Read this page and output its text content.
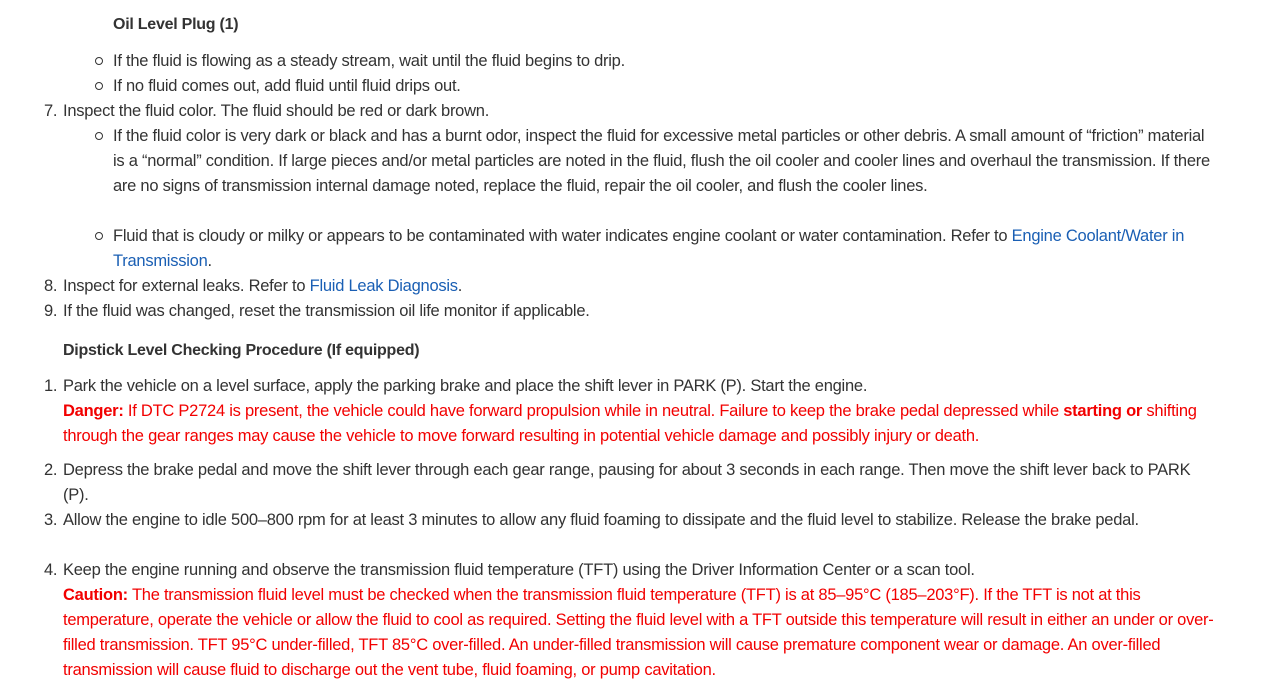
Oil Level Plug (1)
If the fluid is flowing as a steady stream, wait until the fluid begins to drip.
If no fluid comes out, add fluid until fluid drips out.
7. Inspect the fluid color. The fluid should be red or dark brown.
If the fluid color is very dark or black and has a burnt odor, inspect the fluid for excessive metal particles or other debris. A small amount of “friction” material is a “normal” condition. If large pieces and/or metal particles are noted in the fluid, flush the oil cooler and cooler lines and overhaul the transmission. If there are no signs of transmission internal damage noted, replace the fluid, repair the oil cooler, and flush the cooler lines.
Fluid that is cloudy or milky or appears to be contaminated with water indicates engine coolant or water contamination. Refer to Engine Coolant/Water in Transmission.
8. Inspect for external leaks. Refer to Fluid Leak Diagnosis.
9. If the fluid was changed, reset the transmission oil life monitor if applicable.
Dipstick Level Checking Procedure (If equipped)
1. Park the vehicle on a level surface, apply the parking brake and place the shift lever in PARK (P). Start the engine.
Danger: If DTC P2724 is present, the vehicle could have forward propulsion while in neutral. Failure to keep the brake pedal depressed while starting or shifting through the gear ranges may cause the vehicle to move forward resulting in potential vehicle damage and possibly injury or death.
2. Depress the brake pedal and move the shift lever through each gear range, pausing for about 3 seconds in each range. Then move the shift lever back to PARK (P).
3. Allow the engine to idle 500–800 rpm for at least 3 minutes to allow any fluid foaming to dissipate and the fluid level to stabilize. Release the brake pedal.
4. Keep the engine running and observe the transmission fluid temperature (TFT) using the Driver Information Center or a scan tool.
Caution: The transmission fluid level must be checked when the transmission fluid temperature (TFT) is at 85–95°C (185–203°F). If the TFT is not at this temperature, operate the vehicle or allow the fluid to cool as required. Setting the fluid level with a TFT outside this temperature will result in either an under or over-filled transmission. TFT 95°C under-filled, TFT 85°C over-filled. An under-filled transmission will cause premature component wear or damage. An over-filled transmission will cause fluid to discharge out the vent tube, fluid foaming, or pump cavitation.
